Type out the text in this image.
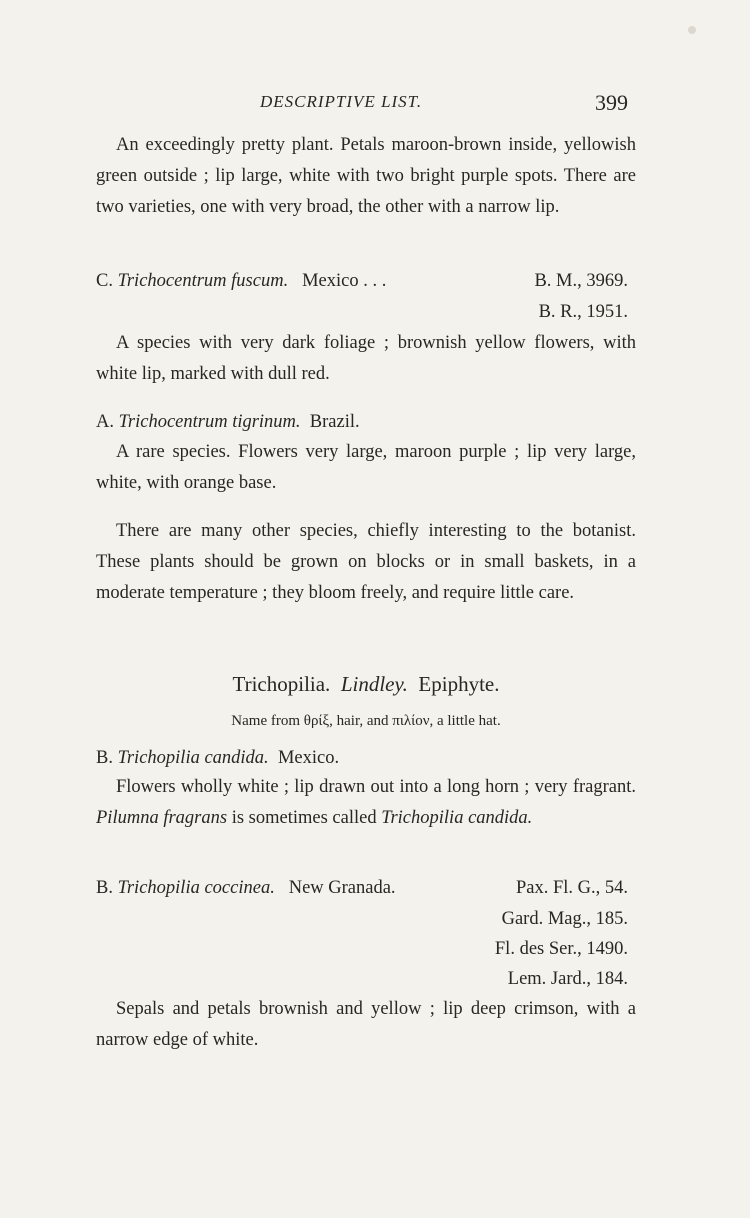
DESCRIPTIVE LIST.	399

An exceedingly pretty plant. Petals maroon-brown inside, yellowish green outside ; lip large, white with two bright purple spots. There are two varieties, one with very broad, the other with a narrow lip.

C. Trichocentrum fuscum. Mexico . . .	B. M., 3969.
B. R., 1951.

A species with very dark foliage ; brownish yellow flowers, with white lip, marked with dull red.

A. Trichocentrum tigrinum. Brazil.

A rare species. Flowers very large, maroon purple ; lip very large, white, with orange base.

There are many other species, chiefly interesting to the botanist. These plants should be grown on blocks or in small baskets, in a moderate temperature ; they bloom freely, and require little care.

Trichopilia. Lindley. Epiphyte.
Name from θρίξ, hair, and πιλίον, a little hat.
B. Trichopilia candida. Mexico.

Flowers wholly white ; lip drawn out into a long horn ; very fragrant. Pilumna fragrans is sometimes called Trichopilia candida.

B. Trichopilia coccinea. New Granada.	Pax. Fl. G., 54.
Gard. Mag., 185.
Fl. des Ser., 1490.
Lem. Jard., 184.

Sepals and petals brownish and yellow ; lip deep crimson, with a narrow edge of white.
